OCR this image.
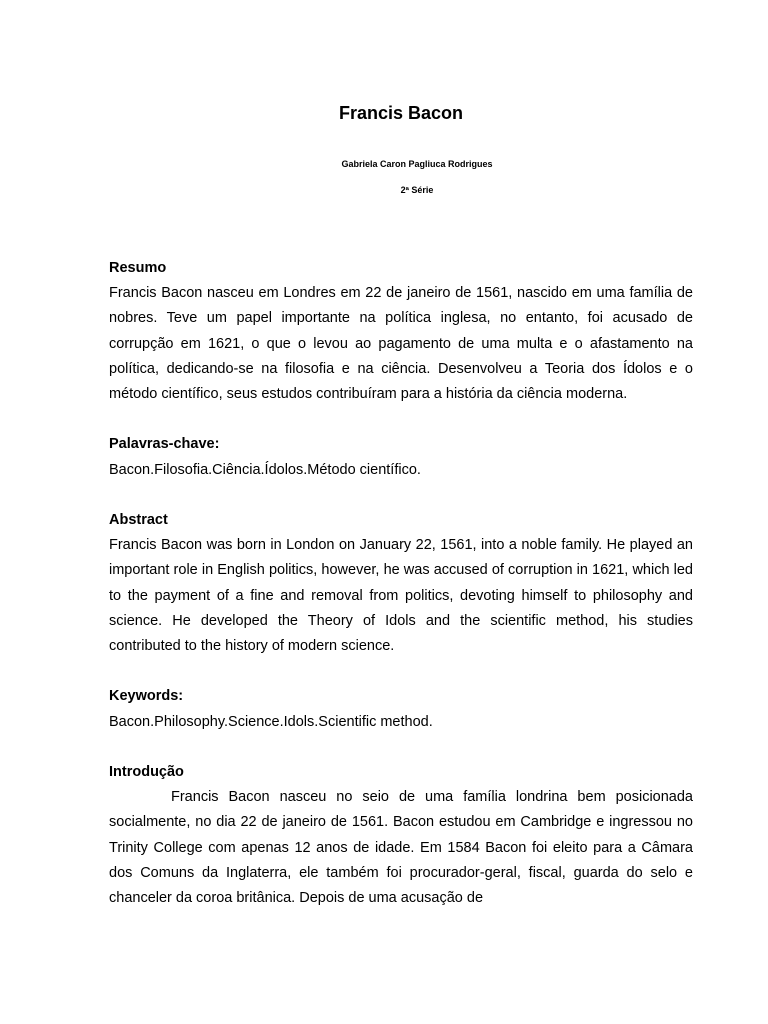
Francis Bacon
Gabriela Caron Pagliuca Rodrigues
2ª Série

Resumo

Francis Bacon nasceu em Londres em 22 de janeiro de 1561, nascido em uma família de nobres. Teve um papel importante na política inglesa, no entanto, foi acusado de corrupção em 1621, o que o levou ao pagamento de uma multa e o afastamento na política, dedicando-se na filosofia e na ciência. Desenvolveu a Teoria dos Ídolos e o método científico, seus estudos contribuíram para a história da ciência moderna.

Palavras-chave:

Bacon.Filosofia.Ciência.Ídolos.Método científico.

Abstract

Francis Bacon was born in London on January 22, 1561, into a noble family. He played an important role in English politics, however, he was accused of corruption in 1621, which led to the payment of a fine and removal from politics, devoting himself to philosophy and science. He developed the Theory of Idols and the scientific method, his studies contributed to the history of modern science.

Keywords:

Bacon.Philosophy.Science.Idols.Scientific method.

Introdução

Francis Bacon nasceu no seio de uma família londrina bem posicionada socialmente, no dia 22 de janeiro de 1561. Bacon estudou em Cambridge e ingressou no Trinity College com apenas 12 anos de idade. Em 1584 Bacon foi eleito para a Câmara dos Comuns da Inglaterra, ele também foi procurador-geral, fiscal, guarda do selo e chanceler da coroa britânica. Depois de uma acusação de
